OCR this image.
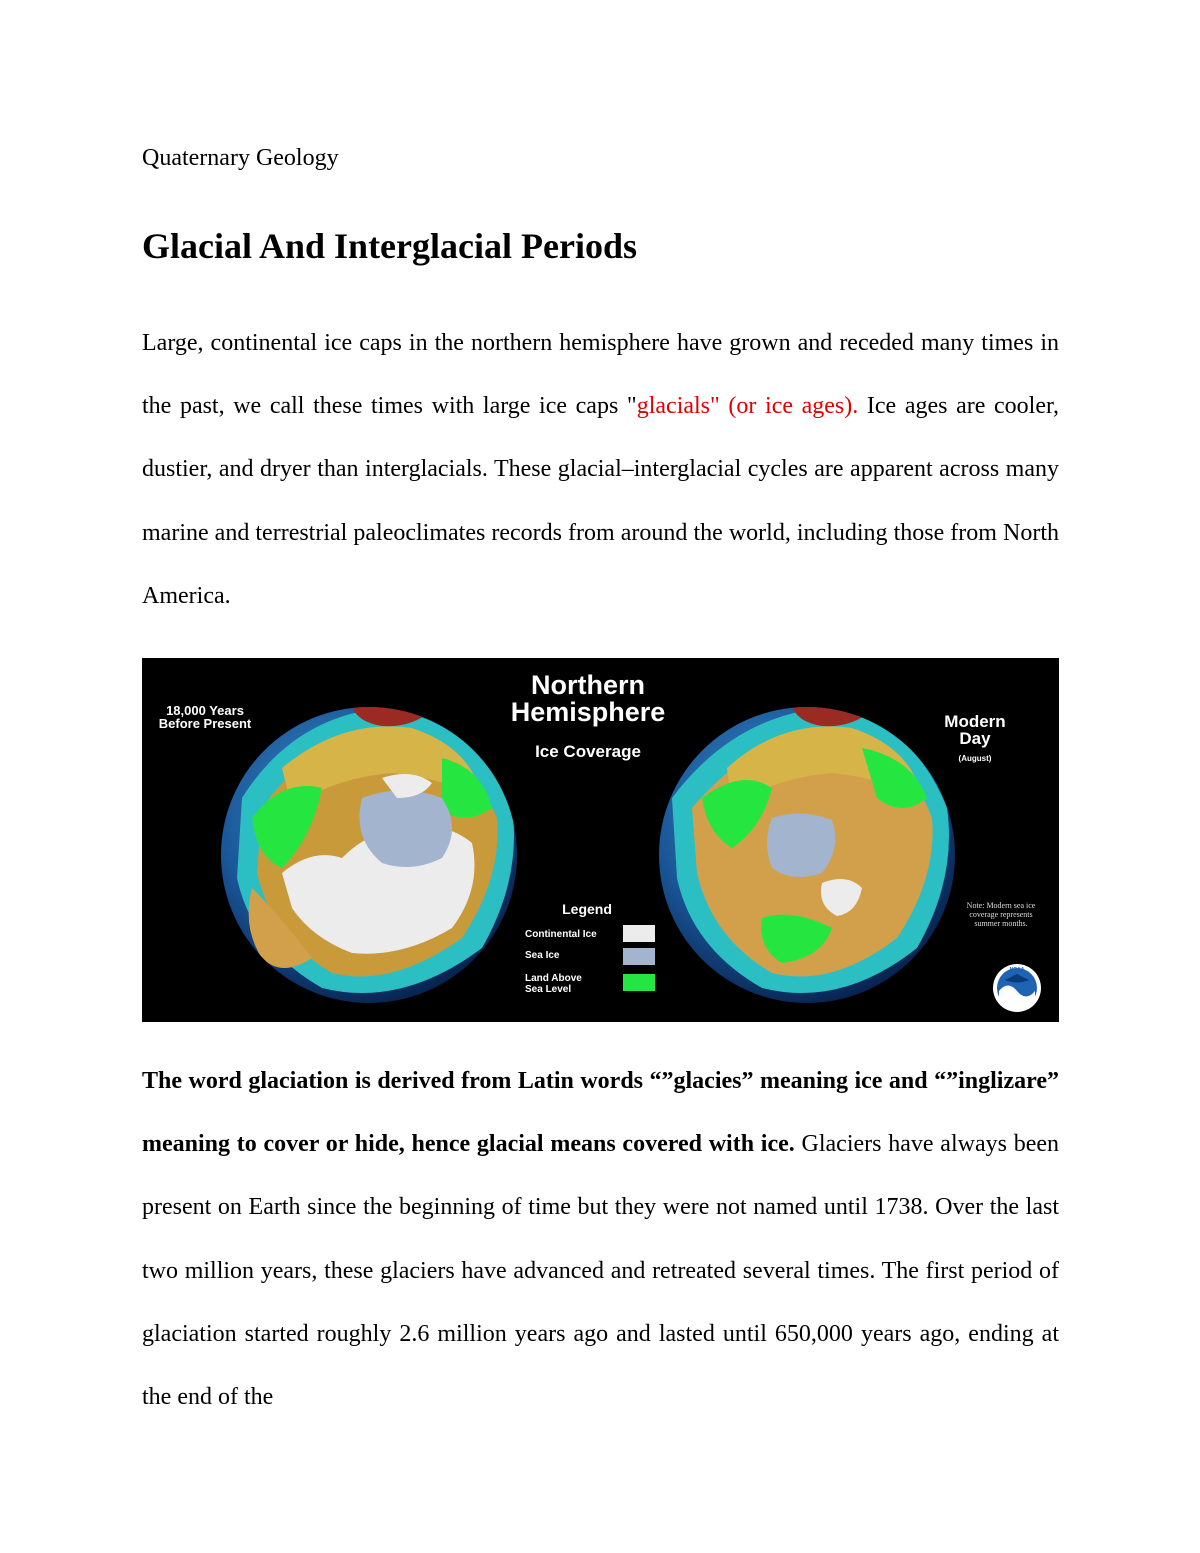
Quaternary Geology
Glacial And Interglacial Periods

Large, continental ice caps in the northern hemisphere have grown and receded many times in the past, we call these times with large ice caps "glacials" (or ice ages). Ice ages are cooler, dustier, and dryer than interglacials. These glacial–interglacial cycles are apparent across many marine and terrestrial paleoclimates records from around the world, including those from North America.

Northern
Hemisphere
Ice Coverage
18,000 Years
Before Present	Modern
Day
(August)
Legend
Continental Ice
Sea Ice
Land Above
Sea Level
Note: Modern sea ice
coverage represents
summer months.
NOAA

The word glaciation is derived from Latin words “”glacies” meaning ice and “”inglizare” meaning to cover or hide, hence glacial means covered with ice. Glaciers have always been present on Earth since the beginning of time but they were not named until 1738. Over the last two million years, these glaciers have advanced and retreated several times. The first period of glaciation started roughly 2.6 million years ago and lasted until 650,000 years ago, ending at the end of the
